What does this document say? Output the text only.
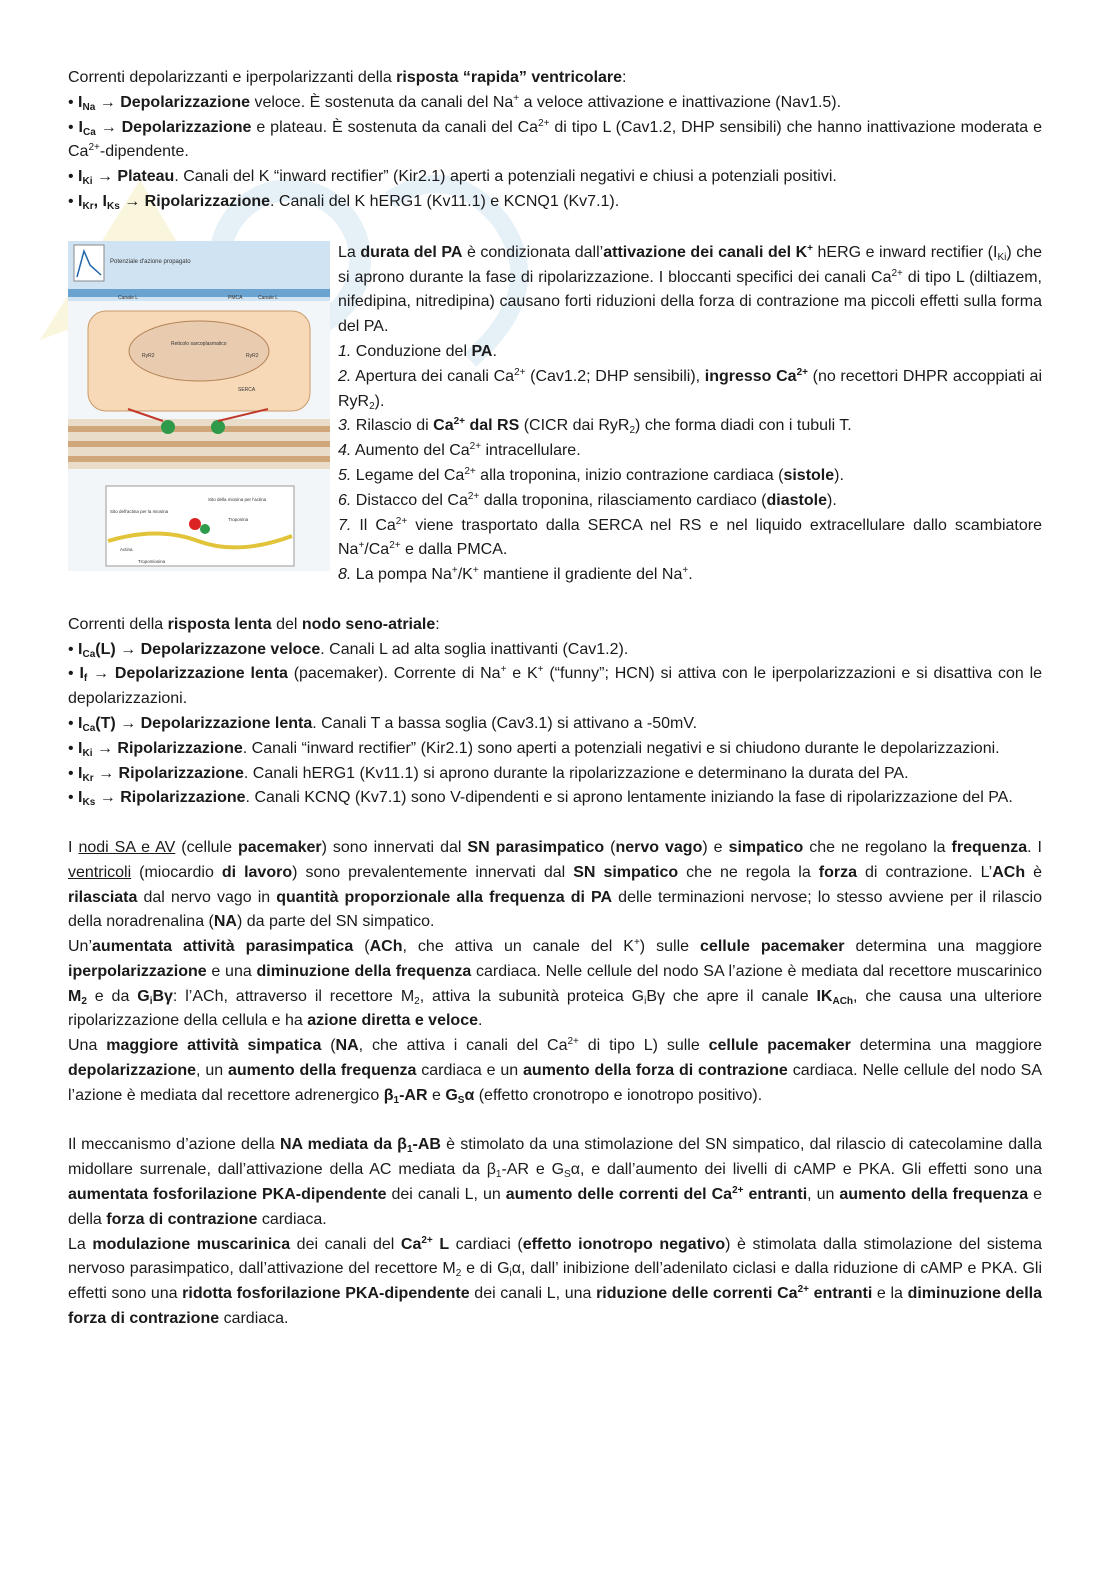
Correnti depolarizzanti e iperpolarizzanti della risposta “rapida” ventricolare:

• $I_{Na}$ → Depolarizzazione veloce. È sostenuta da canali del Na+ a veloce attivazione e inattivazione (Nav1.5).

• $I_{Ca}$ → Depolarizzazione e plateau. È sostenuta da canali del $Ca^{2+}$ di tipo L (Cav1.2, DHP sensibili) che hanno inattivazione moderata e $Ca^{2+}$-dipendente.

• $I_{Ki}$ → Plateau. Canali del K “inward rectifier” (Kir2.1) aperti a potenziali negativi e chiusi a potenziali positivi.

• $I_{Kr}$, $I_{Ks}$ → Ripolarizzazione. Canali del K hERG1 (Kv11.1) e KCNQ1 (Kv7.1).

Potenziale d'azione propagato
Reticolo sarcoplasmatico
Canale L	PMCA	Canale L
RyR2	RyR2
SERCA
Sito dell'actina per la miosina
Sito della miosina per l'actina
Troponina
Actina
Tropomiosina

La durata del PA è condizionata dall’attivazione dei canali del K+ hERG e inward rectifier $(I_{Ki})$ che si aprono durante la fase di ripolarizzazione. I bloccanti specifici dei canali $Ca^{2+}$ di tipo L (diltiazem, nifedipina, nitredipina) causano forti riduzioni della forza di contrazione ma piccoli effetti sulla forma del PA.

1. Conduzione del PA.

2. Apertura dei canali $Ca^{2+}$ (Cav1.2; DHP sensibili), ingresso $Ca^{2+}$ (no recettori DHPR accoppiati ai RyR$_2$).

3. Rilascio di $Ca^{2+}$ dal RS (CICR dai RyR$_2$) che forma diadi con i tubuli T.

4. Aumento del $Ca^{2+}$ intracellulare.

5. Legame del $Ca^{2+}$ alla troponina, inizio contrazione cardiaca (sistole).

6. Distacco del $Ca^{2+}$ dalla troponina, rilasciamento cardiaco (diastole).

7. Il $Ca^{2+}$ viene trasportato dalla SERCA nel RS e nel liquido extracellulare dallo scambiatore $Na^+/Ca^{2+}$ e dalla PMCA.

8. La pompa Na+/K+ mantiene il gradiente del Na+.

Correnti della risposta lenta del nodo seno-atriale:

• $I_{Ca}(L)$ → Depolarizzazone veloce. Canali L ad alta soglia inattivanti (Cav1.2).

• $I_f$ → Depolarizzazione lenta (pacemaker). Corrente di Na+ e K+ (“funny”; HCN) si attiva con le iperpolarizzazioni e si disattiva con le depolarizzazioni.

• $I_{Ca}(T)$ → Depolarizzazione lenta. Canali T a bassa soglia (Cav3.1) si attivano a -50mV.

• $I_{Ki}$ → Ripolarizzazione. Canali “inward rectifier” (Kir2.1) sono aperti a potenziali negativi e si chiudono durante le depolarizzazioni.

• $I_{Kr}$ → Ripolarizzazione. Canali hERG1 (Kv11.1) si aprono durante la ripolarizzazione e determinano la durata del PA.

• $I_{Ks}$ → Ripolarizzazione. Canali KCNQ (Kv7.1) sono V-dipendenti e si aprono lentamente iniziando la fase di ripolarizzazione del PA.

I nodi SA e AV (cellule pacemaker) sono innervati dal SN parasimpatico (nervo vago) e simpatico che ne regolano la frequenza. I ventricoli (miocardio di lavoro) sono prevalentemente innervati dal SN simpatico che ne regola la forza di contrazione. L’ACh è rilasciata dal nervo vago in quantità proporzionale alla frequenza di PA delle terminazioni nervose; lo stesso avviene per il rilascio della noradrenalina (NA) da parte del SN simpatico.

Un’aumentata attività parasimpatica (ACh, che attiva un canale del K+) sulle cellule pacemaker determina una maggiore iperpolarizzazione e una diminuzione della frequenza cardiaca. Nelle cellule del nodo SA l’azione è mediata dal recettore muscarinico $M_2$ e da $G_iB\gamma$: l’ACh, attraverso il recettore $M_2$, attiva la subunità proteica $G_iB\gamma$ che apre il canale $IK_{ACh}$, che causa una ulteriore ripolarizzazione della cellula e ha azione diretta e veloce.

Una maggiore attività simpatica (NA, che attiva i canali del $Ca^{2+}$ di tipo L) sulle cellule pacemaker determina una maggiore depolarizzazione, un aumento della frequenza cardiaca e un aumento della forza di contrazione cardiaca. Nelle cellule del nodo SA l’azione è mediata dal recettore adrenergico $\beta_1-AR$ e $G_S\alpha$ (effetto cronotropo e ionotropo positivo).

Il meccanismo d’azione della NA mediata da $\beta_1-AB$ è stimolato da una stimolazione del SN simpatico, dal rilascio di catecolamine dalla midollare surrenale, dall’attivazione della AC mediata da $\beta_1-AR$ e $G_S\alpha$, e dall’aumento dei livelli di cAMP e PKA. Gli effetti sono una aumentata fosforilazione PKA-dipendente dei canali L, un aumento delle correnti del $Ca^{2+}$ entranti, un aumento della frequenza e della forza di contrazione cardiaca.

La modulazione muscarinica dei canali del $Ca^{2+}$ L cardiaci (effetto ionotropo negativo) è stimolata dalla stimolazione del sistema nervoso parasimpatico, dall’attivazione del recettore $M_2$ e di $G_i\alpha$, dall’ inibizione dell’adenilato ciclasi e dalla riduzione di cAMP e PKA. Gli effetti sono una ridotta fosforilazione PKA-dipendente dei canali L, una riduzione delle correnti $Ca^{2+}$ entranti e la diminuzione della forza di contrazione cardiaca.
